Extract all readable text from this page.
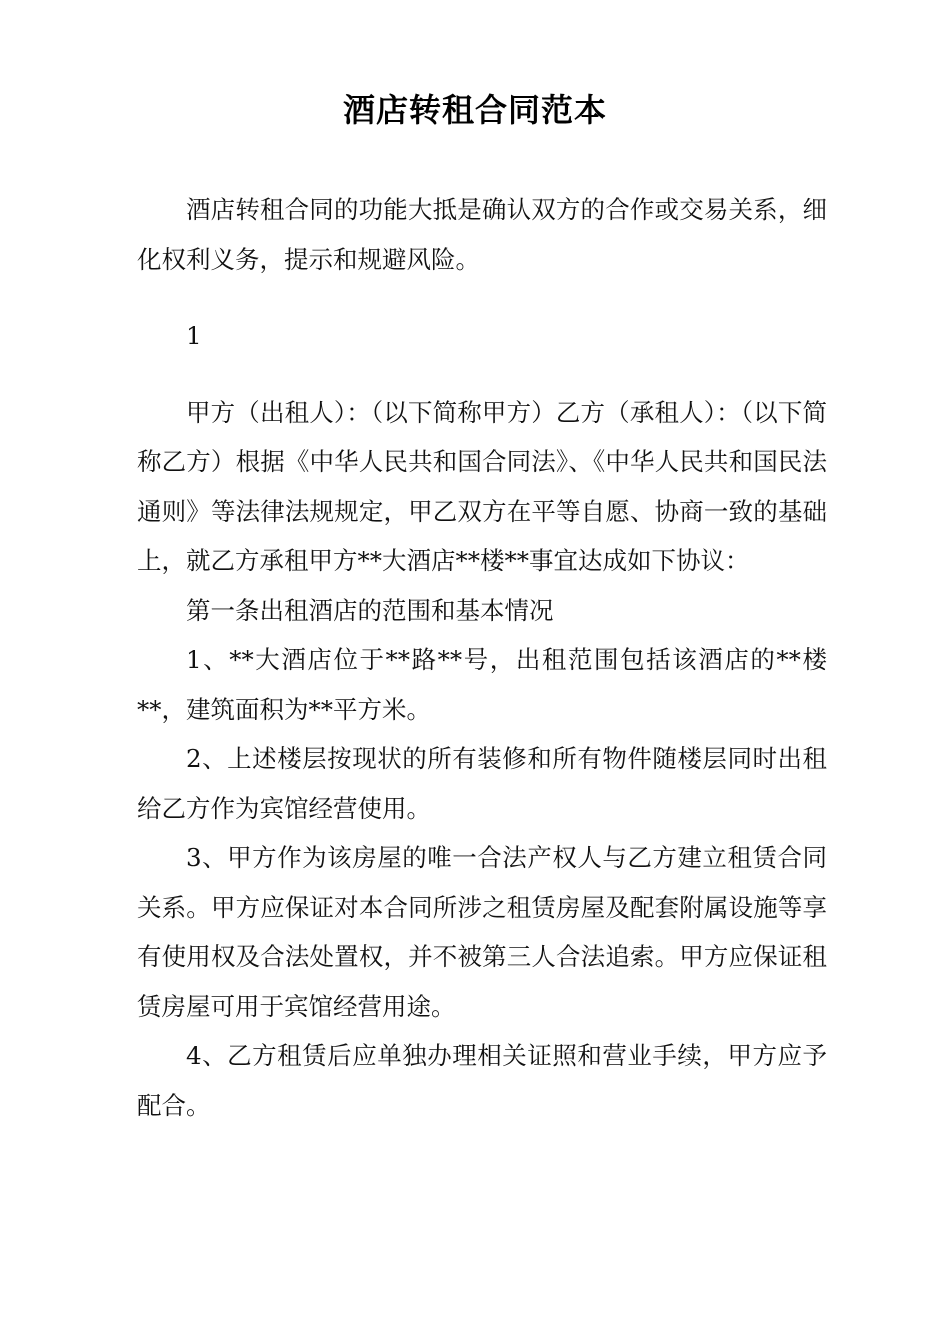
酒店转租合同范本

酒店转租合同的功能大抵是确认双方的合作或交易关系，细化权利义务，提示和规避风险。

1

甲方（出租人）：（以下简称甲方）乙方（承租人）：（以下简称乙方）根据《中华人民共和国合同法》、《中华人民共和国民法通则》等法律法规规定，甲乙双方在平等自愿、协商一致的基础上，就乙方承租甲方**大酒店**楼**事宜达成如下协议：

第一条出租酒店的范围和基本情况

1、**大酒店位于**路**号，出租范围包括该酒店的**楼**，建筑面积为**平方米。

2、上述楼层按现状的所有装修和所有物件随楼层同时出租给乙方作为宾馆经营使用。

3、甲方作为该房屋的唯一合法产权人与乙方建立租赁合同关系。甲方应保证对本合同所涉之租赁房屋及配套附属设施等享有使用权及合法处置权，并不被第三人合法追索。甲方应保证租赁房屋可用于宾馆经营用途。

4、乙方租赁后应单独办理相关证照和营业手续，甲方应予配合。
